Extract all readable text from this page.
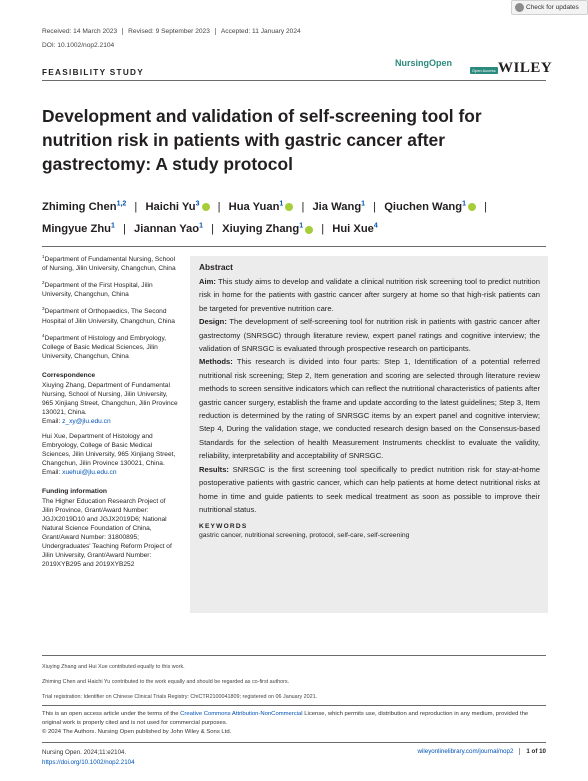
Check for updates
Received: 14 March 2023	Revised: 9 September 2023	Accepted: 11 January 2024
DOI: 10.1002/nop2.2104
FEASIBILITY STUDY
NursingOpen
Open Access WILEY
Development and validation of self-screening tool for nutrition risk in patients with gastric cancer after gastrectomy: A study protocol
Zhiming Chen$^{1,2}$ | Haichi Yu$^3$ | Hua Yuan$^1$ | Jia Wang$^1$ | Qiuchen Wang$^1$ | Mingyue Zhu$^1$ | Jiannan Yao$^1$ | Xiuying Zhang$^1$ | Hui Xue$^4$
$^1$Department of Fundamental Nursing, School of Nursing, Jilin University, Changchun, China
$^2$Department of the First Hospital, Jilin University, Changchun, China
$^3$Department of Orthopaedics, The Second Hospital of Jilin University, Changchun, China
$^4$Department of Histology and Embryology, College of Basic Medical Sciences, Jilin University, Changchun, China
Correspondence
Xiuying Zhang, Department of Fundamental Nursing, School of Nursing, Jilin University, 965 Xinjiang Street, Changchun, Jilin Province 130021, China.
Email: z_xy@jlu.edu.cn
Hui Xue, Department of Histology and Embryology, College of Basic Medical Sciences, Jilin University, 965 Xinjiang Street, Changchun, Jilin Province 130021, China.
Email: xuehui@jlu.edu.cn
Funding information
The Higher Education Research Project of Jilin Province, Grant/Award Number: JGJX2019D10 and JGJX2019D6; National Natural Science Foundation of China, Grant/Award Number: 31800895; Undergraduates' Teaching Reform Project of Jilin University, Grant/Award Number: 2019XYB295 and 2019XYB252
Abstract

Aim: This study aims to develop and validate a clinical nutrition risk screening tool to predict nutrition risk in home for the patients with gastric cancer after surgery at home so that high-risk patients can be targeted for preventive nutrition care.

Design: The development of self-screening tool for nutrition risk in patients with gastric cancer after gastrectomy (SNRSGC) through literature review, expert panel ratings and cognitive interview; the validation of SNRSGC is evaluated through prospective research on participants.

Methods: This research is divided into four parts: Step 1, Identification of a potential referred nutritional risk screening; Step 2, Item generation and scoring are selected through literature review methods to screen sensitive indicators which can reflect the nutritional characteristics of patients after gastric cancer surgery, establish the frame and update according to the latest guidelines; Step 3, Item reduction is determined by the rating of SNRSGC items by an expert panel and cognitive interview; Step 4, During the validation stage, we conducted research design based on the Consensus-based Standards for the selection of health Measurement Instruments checklist to evaluate the validity, reliability, interpretability and acceptability of SNRSGC.

Results: SNRSGC is the first screening tool specifically to predict nutrition risk for stay-at-home postoperative patients with gastric cancer, which can help patients at home detect nutritional risks at home in time and guide patients to seek medical treatment as soon as possible to improve their nutritional status.

KEYWORDS
gastric cancer, nutritional screening, protocol, self-care, self-screening
Xiuying Zhang and Hui Xue contributed equally to this work.
Zhiming Chen and Haichi Yu contributed to the work equally and should be regarded as co-first authors.
Trial registration: Identifier on Chinese Clinical Trials Registry: ChiCTR2100041809; registered on 06 January 2021.
This is an open access article under the terms of the Creative Commons Attribution-NonCommercial License, which permits use, distribution and reproduction in any medium, provided the original work is properly cited and is not used for commercial purposes.
© 2024 The Authors. Nursing Open published by John Wiley & Sons Ltd.
Nursing Open. 2024;11:e2104.
https://doi.org/10.1002/nop2.2104
wileyonlinelibrary.com/journal/nop2	1 of 10
